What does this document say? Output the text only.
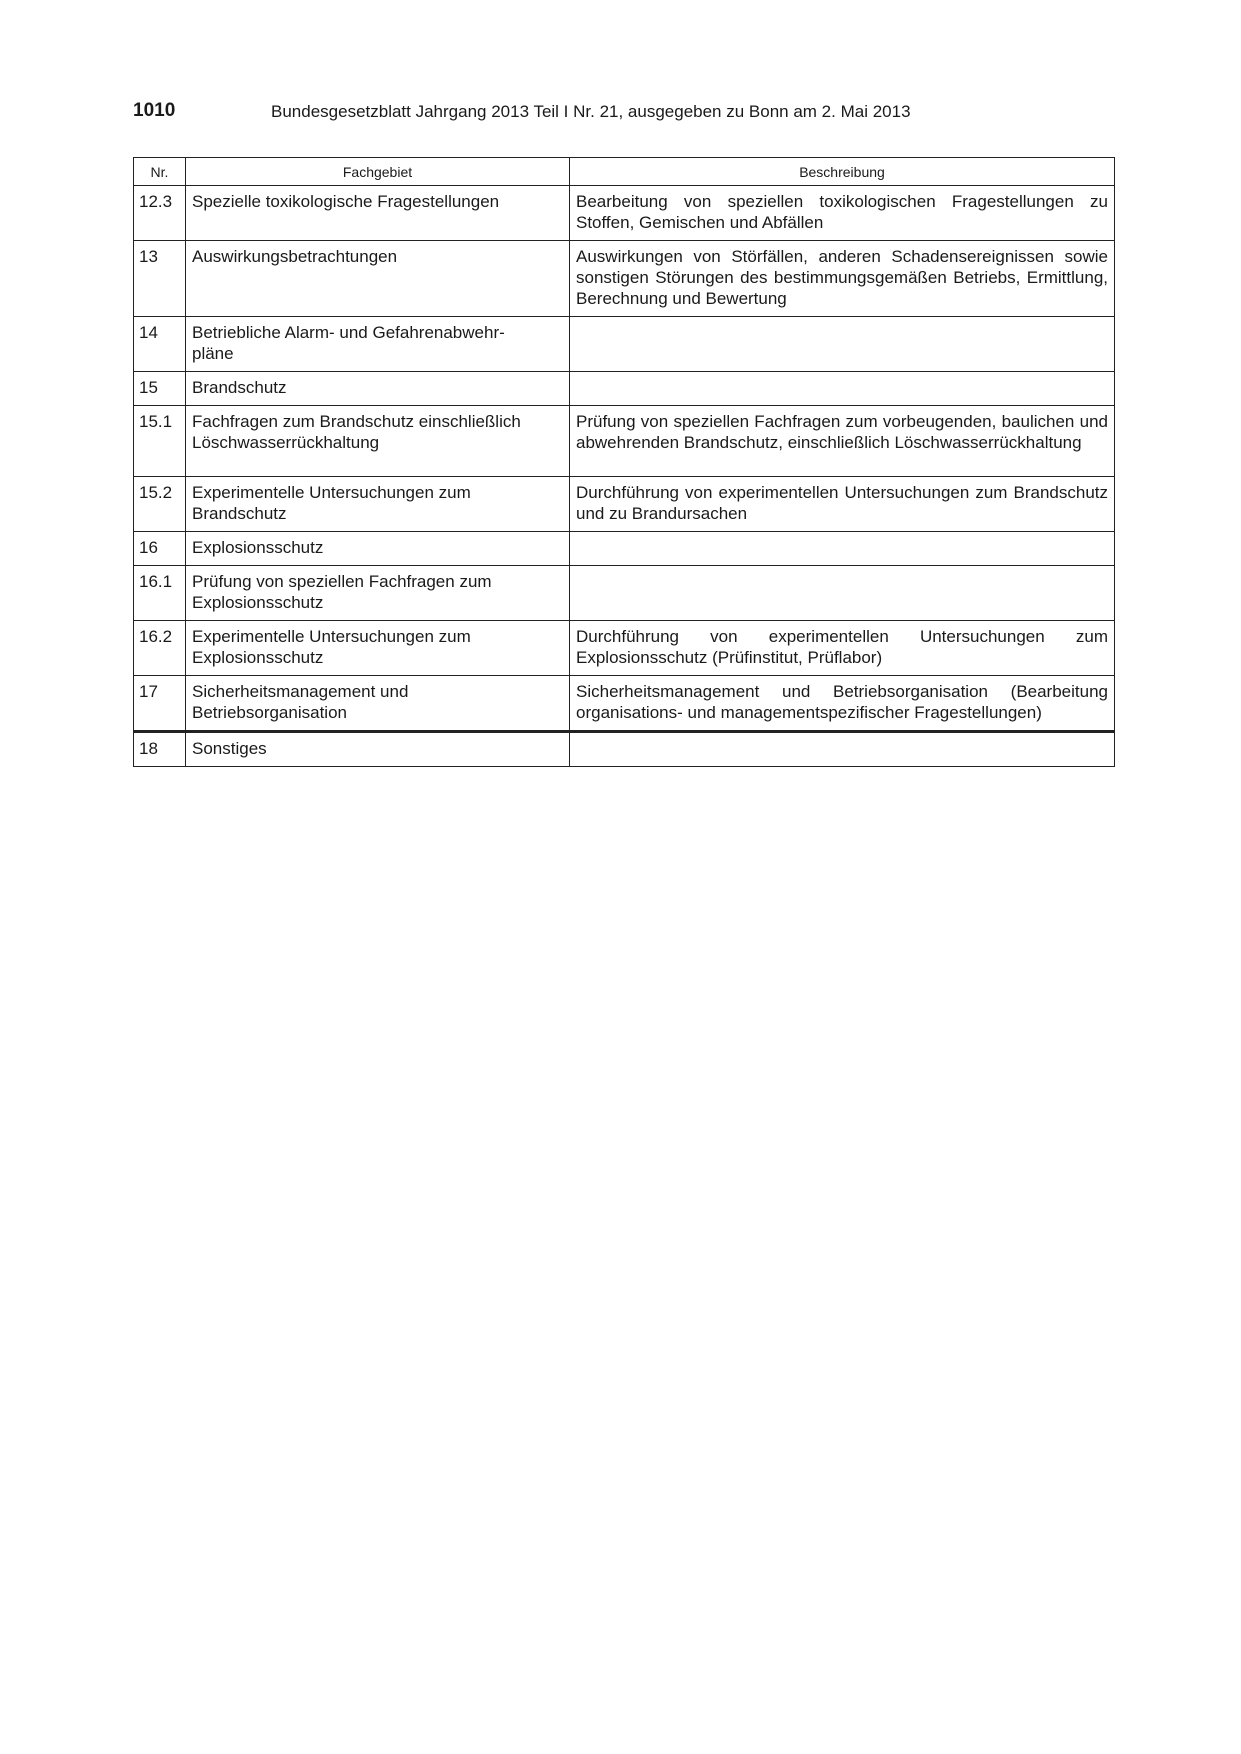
1010	Bundesgesetzblatt Jahrgang 2013 Teil I Nr. 21, ausgegeben zu Bonn am 2. Mai 2013
Nr.	Fachgebiet	Beschreibung
12.3	Spezielle toxikologische Fragestellungen	Bearbeitung von speziellen toxikologischen Fragestellungen zu Stoffen, Gemischen und Abfällen
13	Auswirkungsbetrachtungen	Auswirkungen von Störfällen, anderen Schadensereignissen sowie sonstigen Störungen des bestimmungsgemäßen Betriebs, Ermittlung, Berechnung und Bewertung
14	Betriebliche Alarm- und Gefahrenabwehr-
pläne	
15	Brandschutz	
15.1	Fachfragen zum Brandschutz einschließlich Löschwasserrückhaltung	Prüfung von speziellen Fachfragen zum vorbeugenden, baulichen und abwehrenden Brandschutz, einschließlich Löschwasserrückhaltung
15.2	Experimentelle Untersuchungen zum Brandschutz	Durchführung von experimentellen Untersuchungen zum Brandschutz und zu Brandursachen
16	Explosionsschutz	
16.1	Prüfung von speziellen Fachfragen zum Explosionsschutz	
16.2	Experimentelle Untersuchungen zum Explosionsschutz	Durchführung von experimentellen Untersuchungen zum Explosionsschutz (Prüfinstitut, Prüflabor)
17	Sicherheitsmanagement und Betriebsorganisation	Sicherheitsmanagement und Betriebsorganisation (Bearbeitung organisations- und managementspezifischer Fragestellungen)
18	Sonstiges	
